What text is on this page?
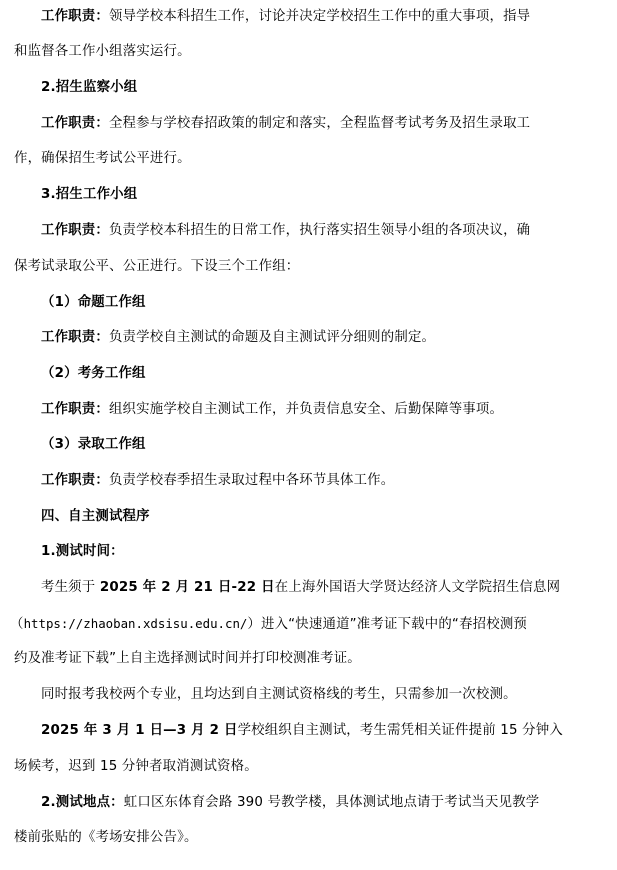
工作职责：领导学校本科招生工作，讨论并决定学校招生工作中的重大事项，指导
和监督各工作小组落实运行。
2.招生监察小组
工作职责：全程参与学校春招政策的制定和落实，全程监督考试考务及招生录取工
作，确保招生考试公平进行。
3.招生工作小组
工作职责：负责学校本科招生的日常工作，执行落实招生领导小组的各项决议，确
保考试录取公平、公正进行。下设三个工作组：
（1）命题工作组
工作职责：负责学校自主测试的命题及自主测试评分细则的制定。
（2）考务工作组
工作职责：组织实施学校自主测试工作，并负责信息安全、后勤保障等事项。
（3）录取工作组
工作职责：负责学校春季招生录取过程中各环节具体工作。
四、自主测试程序
1.测试时间：
考生须于 2025 年 2 月 21 日-22 日在上海外国语大学贤达经济人文学院招生信息网
（https://zhaoban.xdsisu.edu.cn/）进入“快速通道”准考证下载中的“春招校测预
约及准考证下载”上自主选择测试时间并打印校测准考证。
同时报考我校两个专业，且均达到自主测试资格线的考生，只需参加一次校测。
2025 年 3 月 1 日—3 月 2 日学校组织自主测试，考生需凭相关证件提前 15 分钟入
场候考，迟到 15 分钟者取消测试资格。
2.测试地点：虹口区东体育会路 390 号教学楼，具体测试地点请于考试当天见教学
楼前张贴的《考场安排公告》。
